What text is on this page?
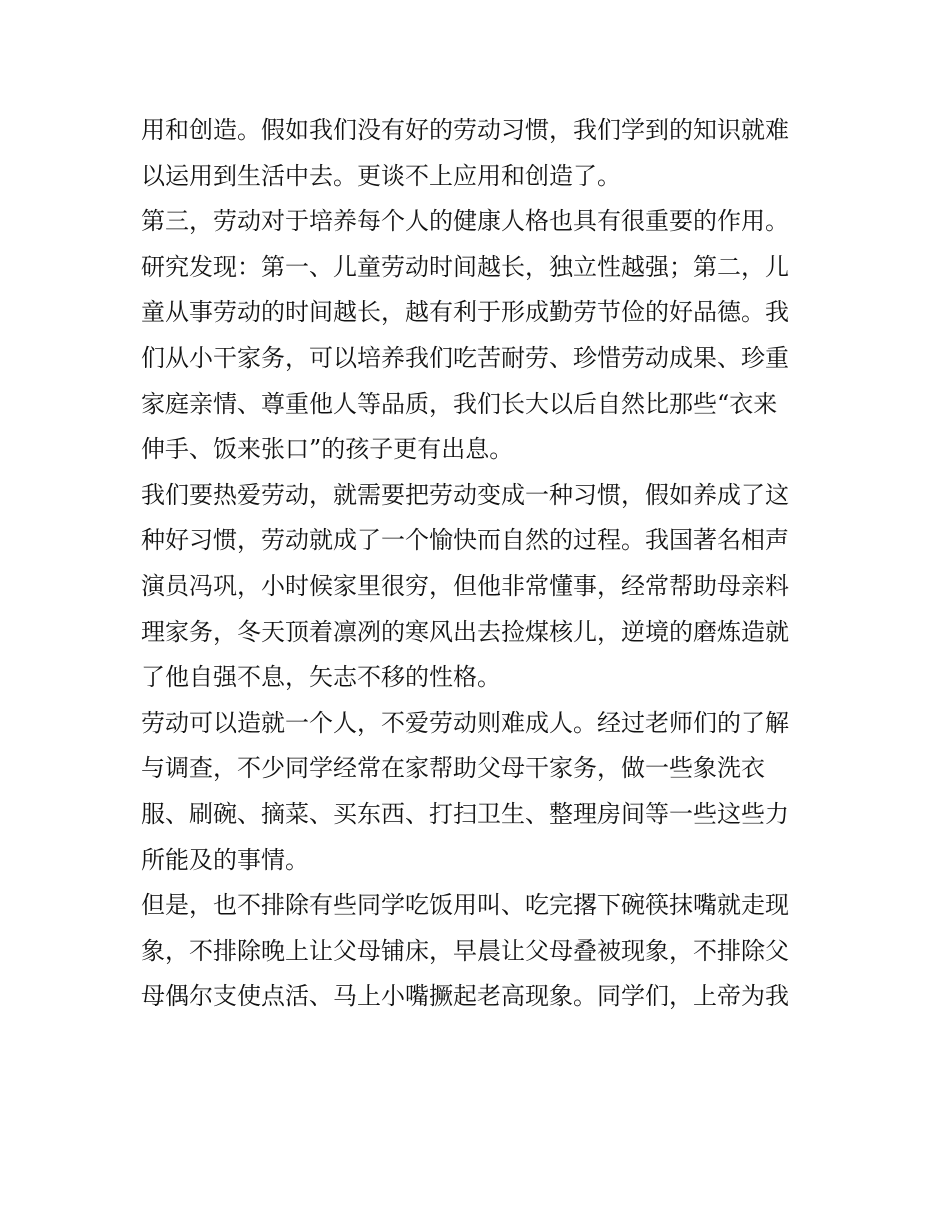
用和创造。假如我们没有好的劳动习惯，我们学到的知识就难
以运用到生活中去。更谈不上应用和创造了。
第三，劳动对于培养每个人的健康人格也具有很重要的作用。
研究发现：第一、儿童劳动时间越长，独立性越强；第二，儿
童从事劳动的时间越长，越有利于形成勤劳节俭的好品德。我
们从小干家务，可以培养我们吃苦耐劳、珍惜劳动成果、珍重
家庭亲情、尊重他人等品质，我们长大以后自然比那些“衣来
伸手、饭来张口”的孩子更有出息。
我们要热爱劳动，就需要把劳动变成一种习惯，假如养成了这
种好习惯，劳动就成了一个愉快而自然的过程。我国著名相声
演员冯巩，小时候家里很穷，但他非常懂事，经常帮助母亲料
理家务，冬天顶着凛冽的寒风出去捡煤核儿，逆境的磨炼造就
了他自强不息，矢志不移的性格。
劳动可以造就一个人，不爱劳动则难成人。经过老师们的了解
与调查，不少同学经常在家帮助父母干家务，做一些象洗衣
服、刷碗、摘菜、买东西、打扫卫生、整理房间等一些这些力
所能及的事情。
但是，也不排除有些同学吃饭用叫、吃完撂下碗筷抹嘴就走现
象，不排除晚上让父母铺床，早晨让父母叠被现象，不排除父
母偶尔支使点活、马上小嘴撅起老高现象。同学们，上帝为我
